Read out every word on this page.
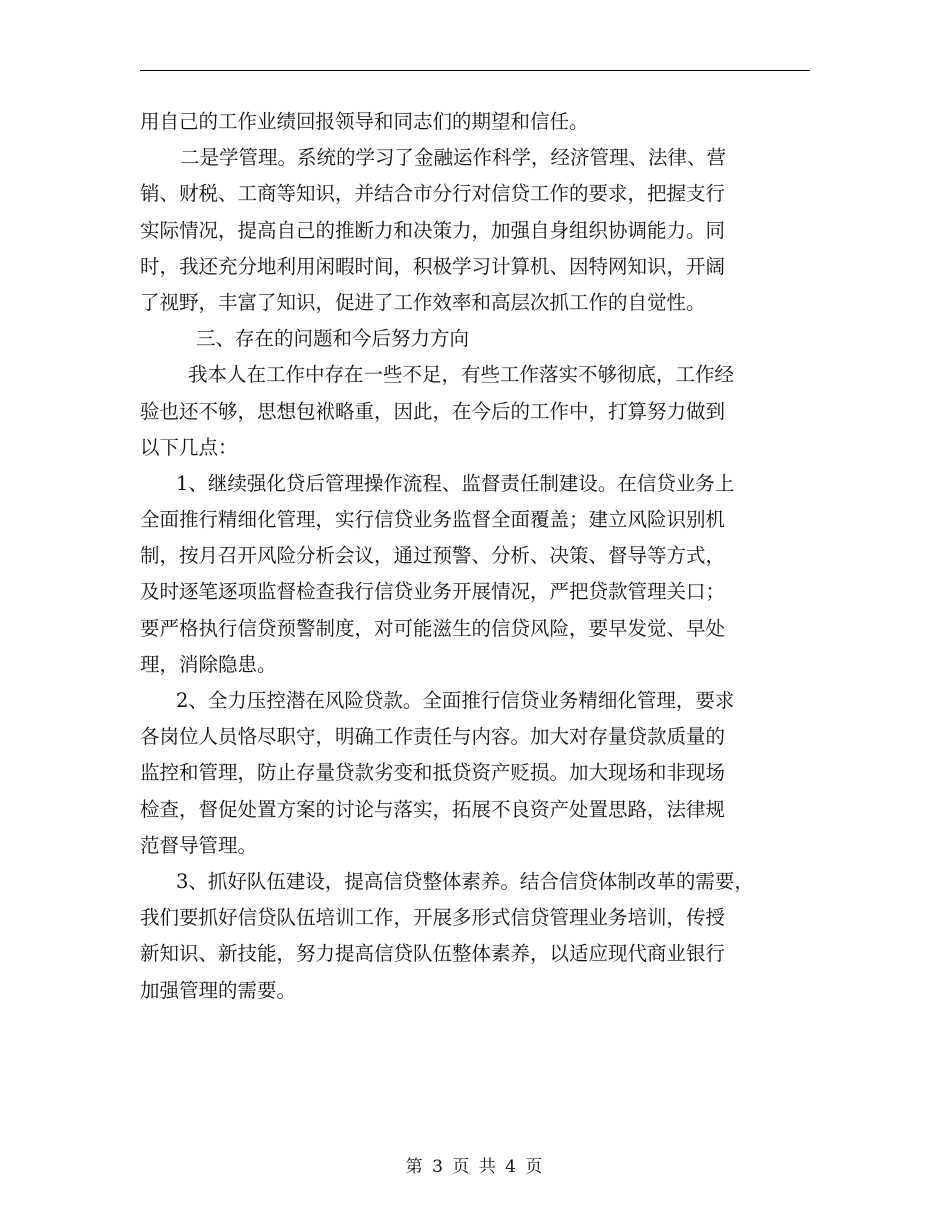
用自己的工作业绩回报领导和同志们的期望和信任。
二是学管理。系统的学习了金融运作科学，经济管理、法律、营
销、财税、工商等知识，并结合市分行对信贷工作的要求，把握支行
实际情况，提高自己的推断力和决策力，加强自身组织协调能力。同
时，我还充分地利用闲暇时间，积极学习计算机、因特网知识，开阔
了视野，丰富了知识，促进了工作效率和高层次抓工作的自觉性。
三、存在的问题和今后努力方向
我本人在工作中存在一些不足，有些工作落实不够彻底，工作经
验也还不够，思想包袱略重，因此，在今后的工作中，打算努力做到
以下几点：
1、继续强化贷后管理操作流程、监督责任制建设。在信贷业务上
全面推行精细化管理，实行信贷业务监督全面覆盖；建立风险识别机
制，按月召开风险分析会议，通过预警、分析、决策、督导等方式，
及时逐笔逐项监督检查我行信贷业务开展情况，严把贷款管理关口；
要严格执行信贷预警制度，对可能滋生的信贷风险，要早发觉、早处
理，消除隐患。
2、全力压控潜在风险贷款。全面推行信贷业务精细化管理，要求
各岗位人员恪尽职守，明确工作责任与内容。加大对存量贷款质量的
监控和管理，防止存量贷款劣变和抵贷资产贬损。加大现场和非现场
检查，督促处置方案的讨论与落实，拓展不良资产处置思路，法律规
范督导管理。
3、抓好队伍建设，提高信贷整体素养。结合信贷体制改革的需要，
我们要抓好信贷队伍培训工作，开展多形式信贷管理业务培训，传授
新知识、新技能，努力提高信贷队伍整体素养，以适应现代商业银行
加强管理的需要。
第 3 页 共 4 页
